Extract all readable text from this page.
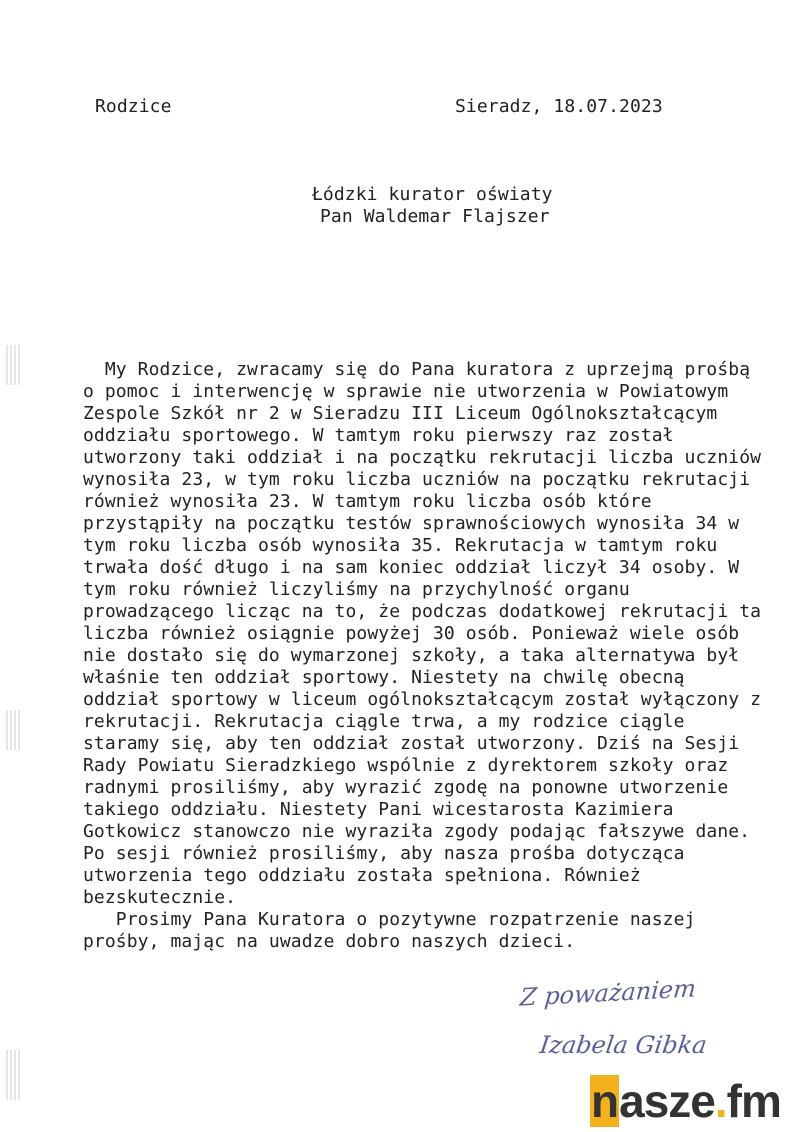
Rodzice	Sieradz, 18.07.2023
Łódzki kurator oświaty
Pan Waldemar Flajszer
My Rodzice, zwracamy się do Pana kuratora z uprzejmą prośbą
o pomoc i interwencję w sprawie nie utworzenia w Powiatowym
Zespole Szkół nr 2 w Sieradzu III Liceum Ogólnokształcącym
oddziału sportowego. W tamtym roku pierwszy raz został
utworzony taki oddział i na początku rekrutacji liczba uczniów
wynosiła 23, w tym roku liczba uczniów na początku rekrutacji
również wynosiła 23. W tamtym roku liczba osób które
przystąpiły na początku testów sprawnościowych wynosiła 34 w
tym roku liczba osób wynosiła 35. Rekrutacja w tamtym roku
trwała dość długo i na sam koniec oddział liczył 34 osoby. W
tym roku również liczyliśmy na przychylność organu
prowadzącego licząc na to, że podczas dodatkowej rekrutacji ta
liczba również osiągnie powyżej 30 osób. Ponieważ wiele osób
nie dostało się do wymarzonej szkoły, a taka alternatywa był
właśnie ten oddział sportowy. Niestety na chwilę obecną
oddział sportowy w liceum ogólnokształcącym został wyłączony z
rekrutacji. Rekrutacja ciągle trwa, a my rodzice ciągle
staramy się, aby ten oddział został utworzony. Dziś na Sesji
Rady Powiatu Sieradzkiego wspólnie z dyrektorem szkoły oraz
radnymi prosiliśmy, aby wyrazić zgodę na ponowne utworzenie
takiego oddziału. Niestety Pani wicestarosta Kazimiera
Gotkowicz stanowczo nie wyraziła zgody podając fałszywe dane.
Po sesji również prosiliśmy, aby nasza prośba dotycząca
utworzenia tego oddziału została spełniona. Również
bezskutecznie.
Prosimy Pana Kuratora o pozytywne rozpatrzenie naszej
prośby, mając na uwadze dobro naszych dzieci.
Z poważaniem
Izabela Gibka
nasze.fm
